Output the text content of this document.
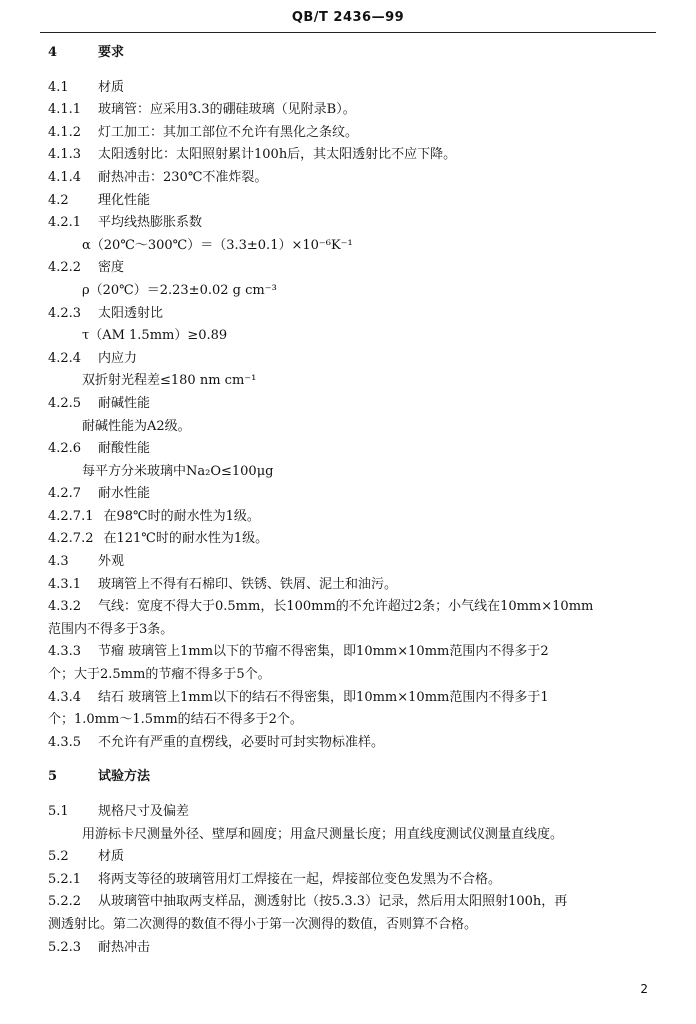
QB/T 2436—99
4	要求
4.1 材质
4.1.1 玻璃管：应采用3.3的硼硅玻璃（见附录B）。
4.1.2 灯工加工：其加工部位不允许有黑化之条纹。
4.1.3 太阳透射比：太阳照射累计100h后，其太阳透射比不应下降。
4.1.4 耐热冲击：230℃不准炸裂。
4.2 理化性能
4.2.1 平均线热膨胀系数
α（20℃～300℃）＝（3.3±0.1）×10⁻⁶K⁻¹
4.2.2 密度
ρ（20℃）＝2.23±0.02 g cm⁻³
4.2.3 太阳透射比
τ（AM 1.5mm）≥0.89
4.2.4 内应力
双折射光程差≤180 nm cm⁻¹
4.2.5 耐碱性能
耐碱性能为A2级。
4.2.6 耐酸性能
每平方分米玻璃中Na₂O≤100μg
4.2.7 耐水性能
4.2.7.1 在98℃时的耐水性为1级。
4.2.7.2 在121℃时的耐水性为1级。
4.3 外观
4.3.1 玻璃管上不得有石棉印、铁锈、铁屑、泥土和油污。
4.3.2 气线：宽度不得大于0.5mm，长100mm的不允许超过2条；小气线在10mm×10mm
范围内不得多于3条。
4.3.3 节瘤 玻璃管上1mm以下的节瘤不得密集，即10mm×10mm范围内不得多于2
个；大于2.5mm的节瘤不得多于5个。
4.3.4 结石 玻璃管上1mm以下的结石不得密集，即10mm×10mm范围内不得多于1
个；1.0mm～1.5mm的结石不得多于2个。
4.3.5 不允许有严重的直楞线，必要时可封实物标准样。
5	试验方法
5.1 规格尺寸及偏差
用游标卡尺测量外径、壁厚和圆度；用盒尺测量长度；用直线度测试仪测量直线度。
5.2 材质
5.2.1 将两支等径的玻璃管用灯工焊接在一起，焊接部位变色发黑为不合格。
5.2.2 从玻璃管中抽取两支样品，测透射比（按5.3.3）记录，然后用太阳照射100h，再
测透射比。第二次测得的数值不得小于第一次测得的数值，否则算不合格。
5.2.3 耐热冲击
2
